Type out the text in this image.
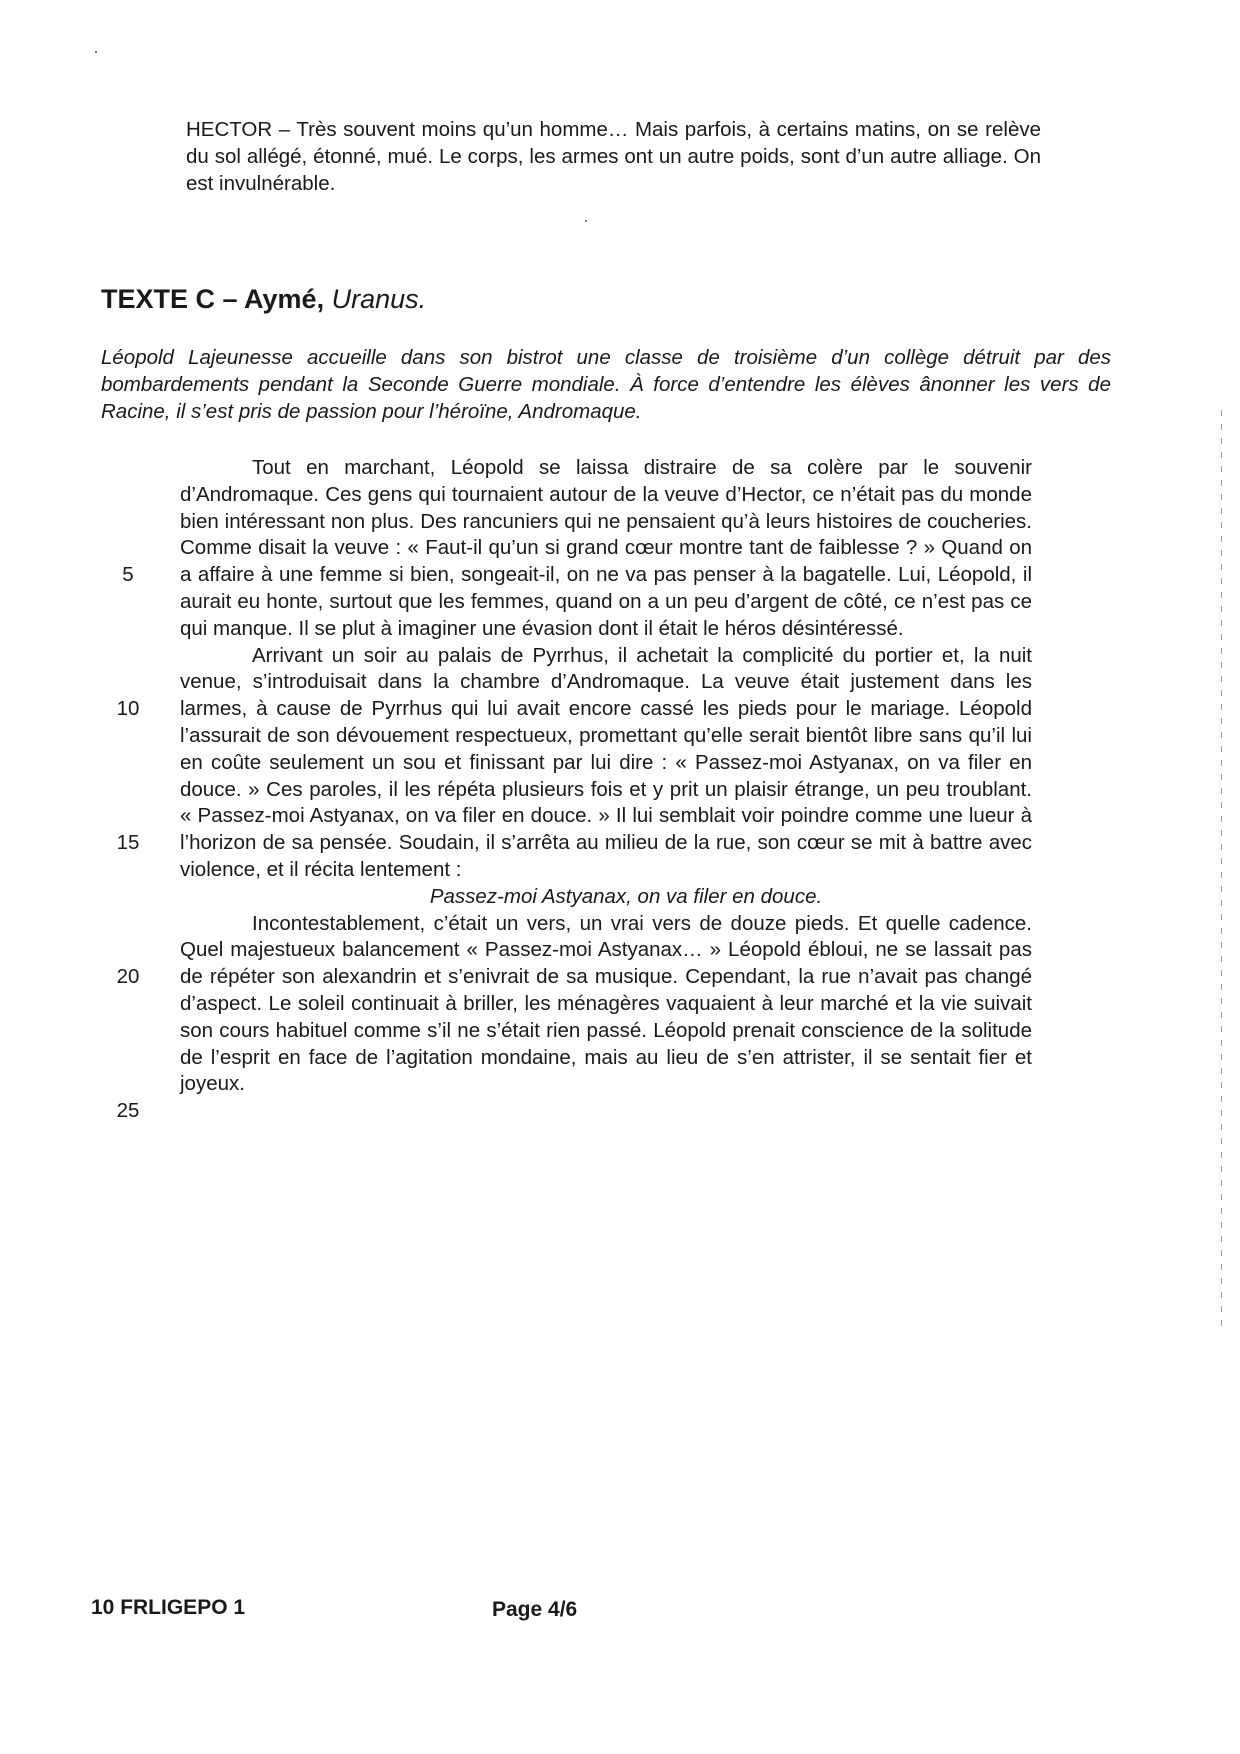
HECTOR – Très souvent moins qu’un homme… Mais parfois, à certains matins, on se relève du sol allégé, étonné, mué. Le corps, les armes ont un autre poids, sont d’un autre alliage. On est invulnérable.
TEXTE C – Aymé, Uranus.
Léopold Lajeunesse accueille dans son bistrot une classe de troisième d’un collège détruit par des bombardements pendant la Seconde Guerre mondiale. À force d’entendre les élèves ânonner les vers de Racine, il s’est pris de passion pour l’héroïne, Andromaque.
5
10
15
20
25

Tout en marchant, Léopold se laissa distraire de sa colère par le souvenir d’Andromaque. Ces gens qui tournaient autour de la veuve d’Hector, ce n’était pas du monde bien intéressant non plus. Des rancuniers qui ne pensaient qu’à leurs histoires de coucheries. Comme disait la veuve : « Faut-il qu’un si grand cœur montre tant de faiblesse ? » Quand on a affaire à une femme si bien, songeait-il, on ne va pas penser à la bagatelle. Lui, Léopold, il aurait eu honte, surtout que les femmes, quand on a un peu d’argent de côté, ce n’est pas ce qui manque. Il se plut à imaginer une évasion dont il était le héros désintéressé.

Arrivant un soir au palais de Pyrrhus, il achetait la complicité du portier et, la nuit venue, s’introduisait dans la chambre d’Andromaque. La veuve était justement dans les larmes, à cause de Pyrrhus qui lui avait encore cassé les pieds pour le mariage. Léopold l’assurait de son dévouement respectueux, promettant qu’elle serait bientôt libre sans qu’il lui en coûte seulement un sou et finissant par lui dire : « Passez-moi Astyanax, on va filer en douce. » Ces paroles, il les répéta plusieurs fois et y prit un plaisir étrange, un peu troublant. « Passez-moi Astyanax, on va filer en douce. » Il lui semblait voir poindre comme une lueur à l’horizon de sa pensée. Soudain, il s’arrêta au milieu de la rue, son cœur se mit à battre avec violence, et il récita lentement :

Passez-moi Astyanax, on va filer en douce.

Incontestablement, c’était un vers, un vrai vers de douze pieds. Et quelle cadence. Quel majestueux balancement « Passez-moi Astyanax… » Léopold ébloui, ne se lassait pas de répéter son alexandrin et s’enivrait de sa musique. Cependant, la rue n’avait pas changé d’aspect. Le soleil continuait à briller, les ménagères vaquaient à leur marché et la vie suivait son cours habituel comme s’il ne s’était rien passé. Léopold prenait conscience de la solitude de l’esprit en face de l’agitation mondaine, mais au lieu de s’en attrister, il se sentait fier et joyeux.

10 FRLIGEPO 1	Page 4/6
